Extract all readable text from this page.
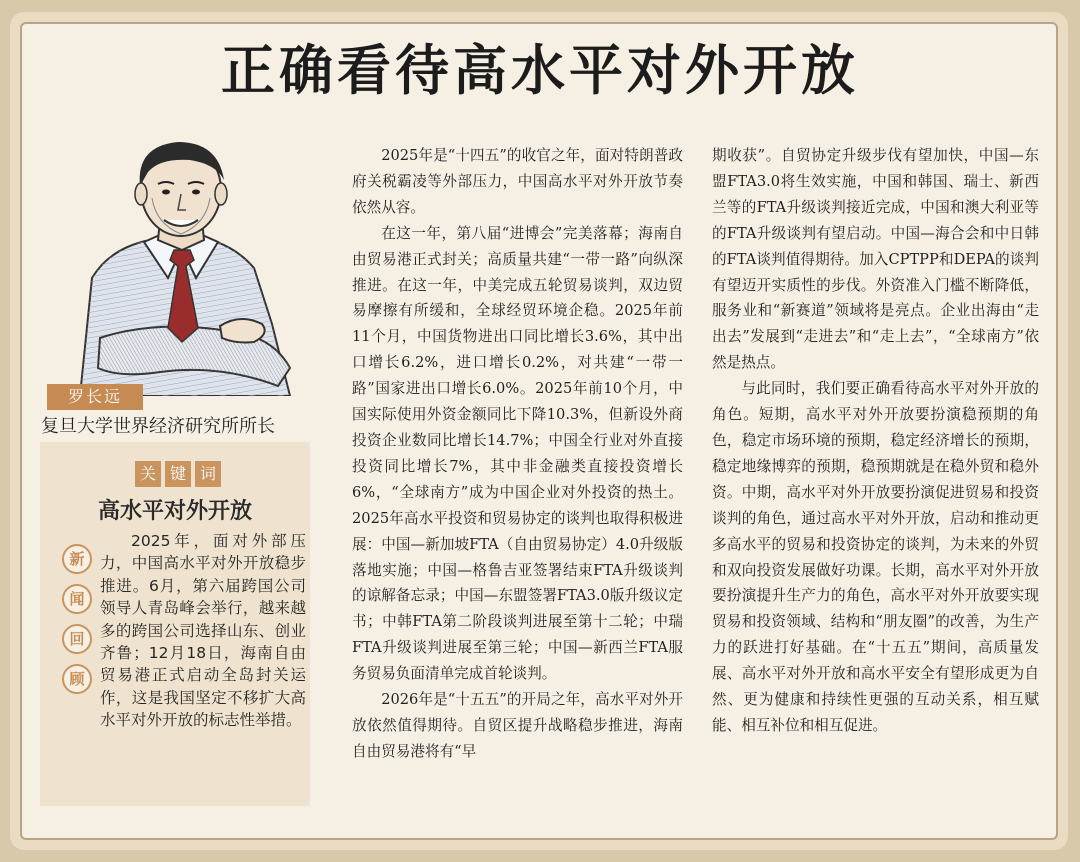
正确看待高水平对外开放
罗长远
复旦大学世界经济研究所所长
关 键 词
高水平对外开放
新
闻
回
顾
2025年，面对外部压力，中国高水平对外开放稳步推进。6月，第六届跨国公司领导人青岛峰会举行，越来越多的跨国公司选择山东、创业齐鲁；12月18日，海南自由贸易港正式启动全岛封关运作，这是我国坚定不移扩大高水平对外开放的标志性举措。

2025年是“十四五”的收官之年，面对特朗普政府关税霸凌等外部压力，中国高水平对外开放节奏依然从容。

在这一年，第八届“进博会”完美落幕；海南自由贸易港正式封关；高质量共建“一带一路”向纵深推进。在这一年，中美完成五轮贸易谈判，双边贸易摩擦有所缓和，全球经贸环境企稳。2025年前11个月，中国货物进出口同比增长3.6%，其中出口增长6.2%，进口增长0.2%，对共建“一带一路”国家进出口增长6.0%。2025年前10个月，中国实际使用外资金额同比下降10.3%，但新设外商投资企业数同比增长14.7%；中国全行业对外直接投资同比增长7%，其中非金融类直接投资增长6%，“全球南方”成为中国企业对外投资的热土。2025年高水平投资和贸易协定的谈判也取得积极进展：中国—新加坡FTA（自由贸易协定）4.0升级版落地实施；中国—格鲁吉亚签署结束FTA升级谈判的谅解备忘录；中国—东盟签署FTA3.0版升级议定书；中韩FTA第二阶段谈判进展至第十二轮；中瑞FTA升级谈判进展至第三轮；中国—新西兰FTA服务贸易负面清单完成首轮谈判。

2026年是“十五五”的开局之年，高水平对外开放依然值得期待。自贸区提升战略稳步推进，海南自由贸易港将有“早

期收获”。自贸协定升级步伐有望加快，中国—东盟FTA3.0将生效实施，中国和韩国、瑞士、新西兰等的FTA升级谈判接近完成，中国和澳大利亚等的FTA升级谈判有望启动。中国—海合会和中日韩的FTA谈判值得期待。加入CPTPP和DEPA的谈判有望迈开实质性的步伐。外资准入门槛不断降低，服务业和“新赛道”领域将是亮点。企业出海由“走出去”发展到“走进去”和“走上去”，“全球南方”依然是热点。

与此同时，我们要正确看待高水平对外开放的角色。短期，高水平对外开放要扮演稳预期的角色，稳定市场环境的预期，稳定经济增长的预期，稳定地缘博弈的预期，稳预期就是在稳外贸和稳外资。中期，高水平对外开放要扮演促进贸易和投资谈判的角色，通过高水平对外开放，启动和推动更多高水平的贸易和投资协定的谈判，为未来的外贸和双向投资发展做好功课。长期，高水平对外开放要扮演提升生产力的角色，高水平对外开放要实现贸易和投资领域、结构和“朋友圈”的改善，为生产力的跃进打好基础。在“十五五”期间，高质量发展、高水平对外开放和高水平安全有望形成更为自然、更为健康和持续性更强的互动关系，相互赋能、相互补位和相互促进。
